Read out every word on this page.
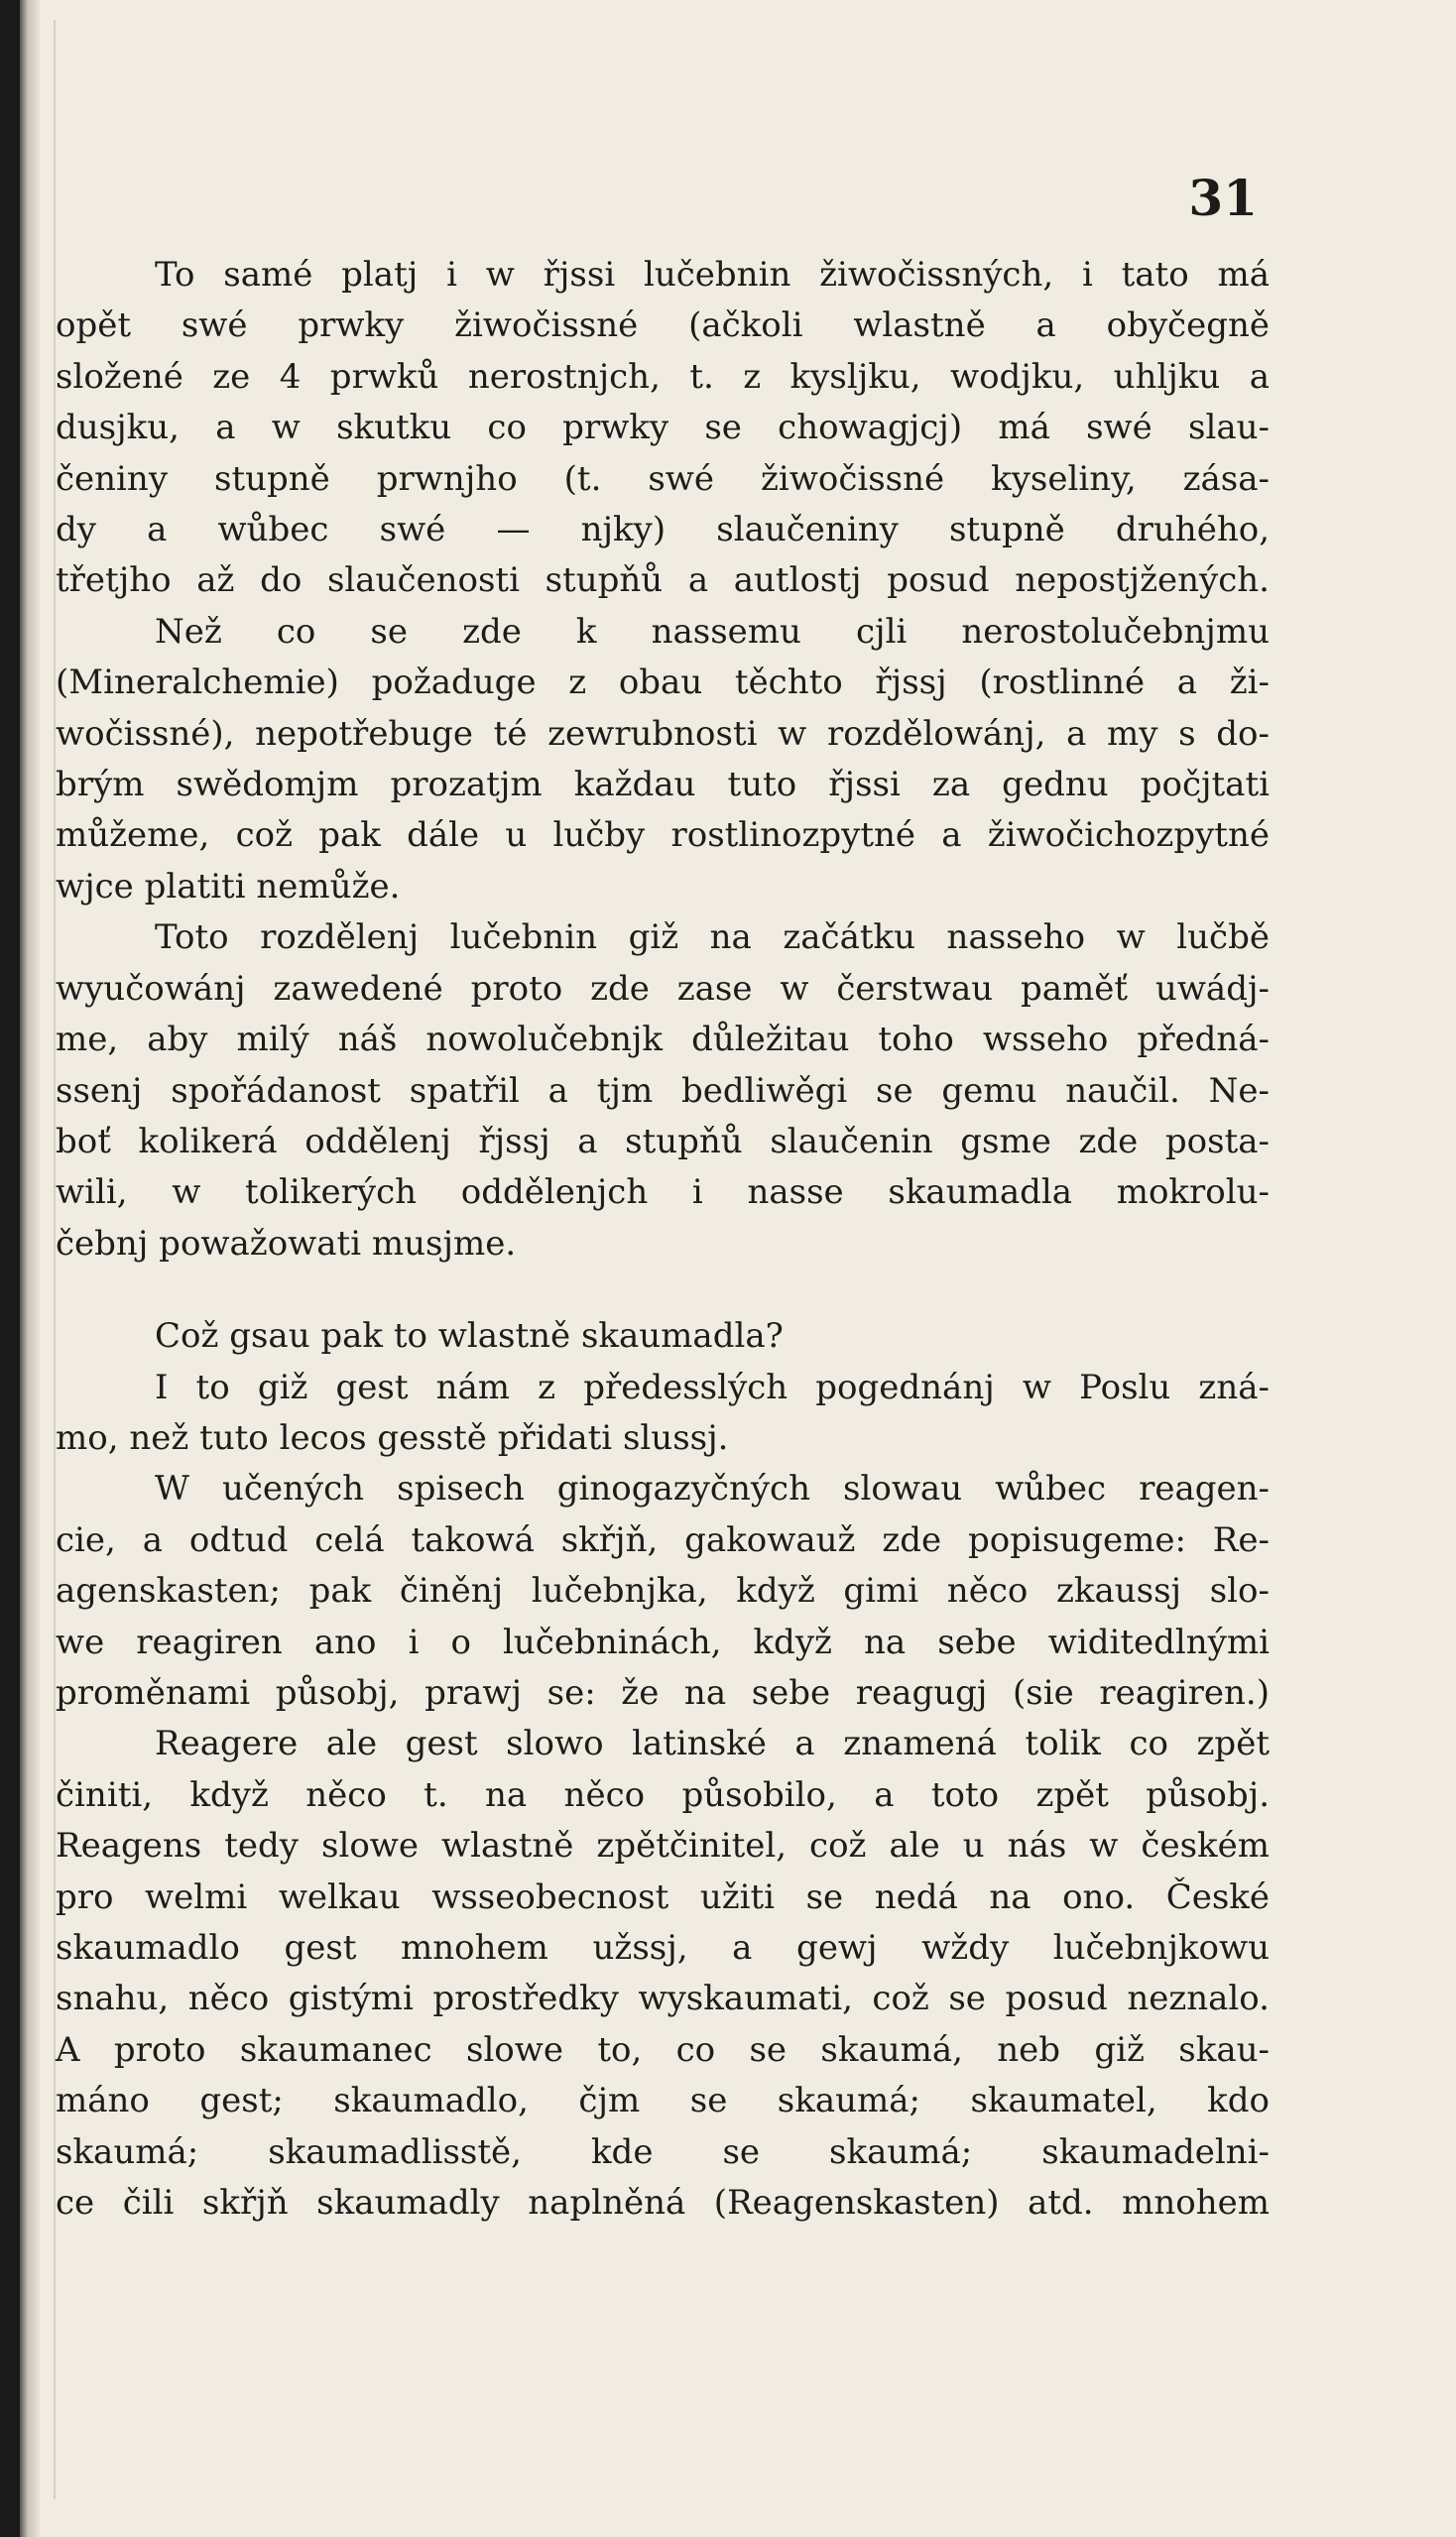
31
To samé platj i w řjssi lučebnin žiwočissných, i tato má
opět swé prwky žiwočissné (ačkoli wlastně a obyčegně
složené ze 4 prwků nerostnjch, t. z kysljku, wodjku, uhljku a
dusjku, a w skutku co prwky se chowagjcj) má swé slau-
čeniny stupně prwnjho (t. swé žiwočissné kyseliny, zása-
dy a wůbec swé — njky) slaučeniny stupně druhého,
třetjho až do slaučenosti stupňů a autlostj posud nepostjžených.
Než co se zde k nassemu cjli nerostolučebnjmu
(Mineralchemie) požaduge z obau těchto řjssj (rostlinné a ži-
wočissné), nepotřebuge té zewrubnosti w rozdělowánj, a my s do-
brým swědomjm prozatjm každau tuto řjssi za gednu počjtati
můžeme, což pak dále u lučby rostlinozpytné a žiwočichozpytné
wjce platiti nemůže.
Toto rozdělenj lučebnin giž na začátku nasseho w lučbě
wyučowánj zawedené proto zde zase w čerstwau paměť uwádj-
me, aby milý náš nowolučebnjk důležitau toho wsseho předná-
ssenj spořádanost spatřil a tjm bedliwěgi se gemu naučil. Ne-
boť kolikerá oddělenj řjssj a stupňů slaučenin gsme zde posta-
wili, w tolikerých oddělenjch i nasse skaumadla mokrolu-
čebnj powažowati musjme.
Což gsau pak to wlastně skaumadla?
I to giž gest nám z předesslých pogednánj w Poslu zná-
mo, než tuto lecos gesstě přidati slussj.
W učených spisech ginogazyčných slowau wůbec reagen-
cie, a odtud celá takowá skřjň, gakowauž zde popisugeme: Re-
agenskasten; pak činěnj lučebnjka, když gimi něco zkaussj slo-
we reagiren ano i o lučebninách, když na sebe widitedlnými
proměnami působj, prawj se: že na sebe reagugj (sie reagiren.)
Reagere ale gest slowo latinské a znamená tolik co zpět
činiti, když něco t. na něco působilo, a toto zpět působj.
Reagens tedy slowe wlastně zpětčinitel, což ale u nás w českém
pro welmi welkau wsseobecnost užiti se nedá na ono. České
skaumadlo gest mnohem užssj, a gewj wždy lučebnjkowu
snahu, něco gistými prostředky wyskaumati, což se posud neznalo.
A proto skaumanec slowe to, co se skaumá, neb giž skau-
máno gest; skaumadlo, čjm se skaumá; skaumatel, kdo
skaumá; skaumadlisstě, kde se skaumá; skaumadelni-
ce čili skřjň skaumadly naplněná (Reagenskasten) atd. mnohem
